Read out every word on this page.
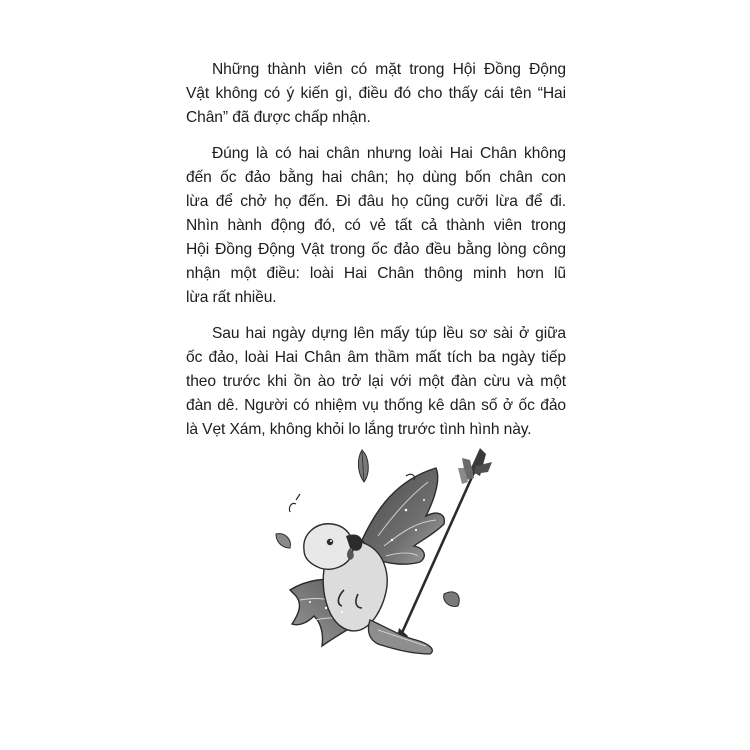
Những thành viên có mặt trong Hội Đồng Động
Vật không có ý kiến gì, điều đó cho thấy cái tên “Hai
Chân” đã được chấp nhận.

Đúng là có hai chân nhưng loài Hai Chân không
đến ốc đảo bằng hai chân; họ dùng bốn chân con
lừa để chở họ đến. Đi đâu họ cũng cưỡi lừa để đi.
Nhìn hành động đó, có vẻ tất cả thành viên trong
Hội Đồng Động Vật trong ốc đảo đều bằng lòng công
nhận một điều: loài Hai Chân thông minh hơn lũ
lừa rất nhiều.

Sau hai ngày dựng lên mấy túp lều sơ sài ở giữa
ốc đảo, loài Hai Chân âm thầm mất tích ba ngày tiếp
theo trước khi ồn ào trở lại với một đàn cừu và một
đàn dê. Người có nhiệm vụ thống kê dân số ở ốc đảo
là Vẹt Xám, không khỏi lo lắng trước tình hình này.
